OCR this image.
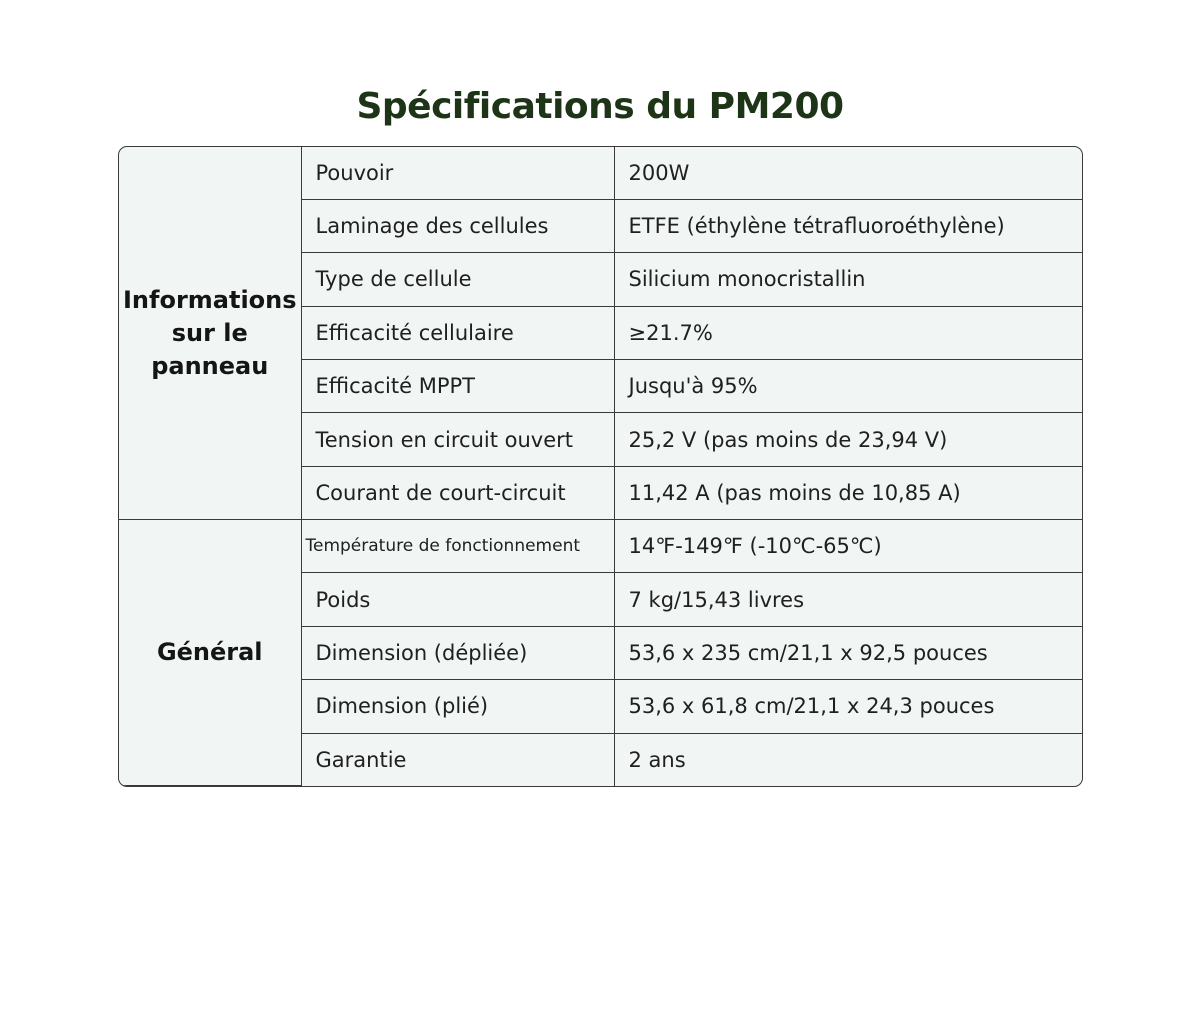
Spécifications du PM200
Informations sur le panneau	Pouvoir	200W
	Laminage des cellules	ETFE (éthylène tétrafluoroéthylène)
	Type de cellule	Silicium monocristallin
	Efficacité cellulaire	≥21.7%
	Efficacité MPPT	Jusqu'à 95%
	Tension en circuit ouvert	25,2 V (pas moins de 23,94 V)
	Courant de court-circuit	11,42 A (pas moins de 10,85 A)
Général	Température de fonctionnement	14℉-149℉ (-10℃-65℃)
	Poids	7 kg/15,43 livres
	Dimension (dépliée)	53,6 x 235 cm/21,1 x 92,5 pouces
	Dimension (plié)	53,6 x 61,8 cm/21,1 x 24,3 pouces
	Garantie	2 ans
